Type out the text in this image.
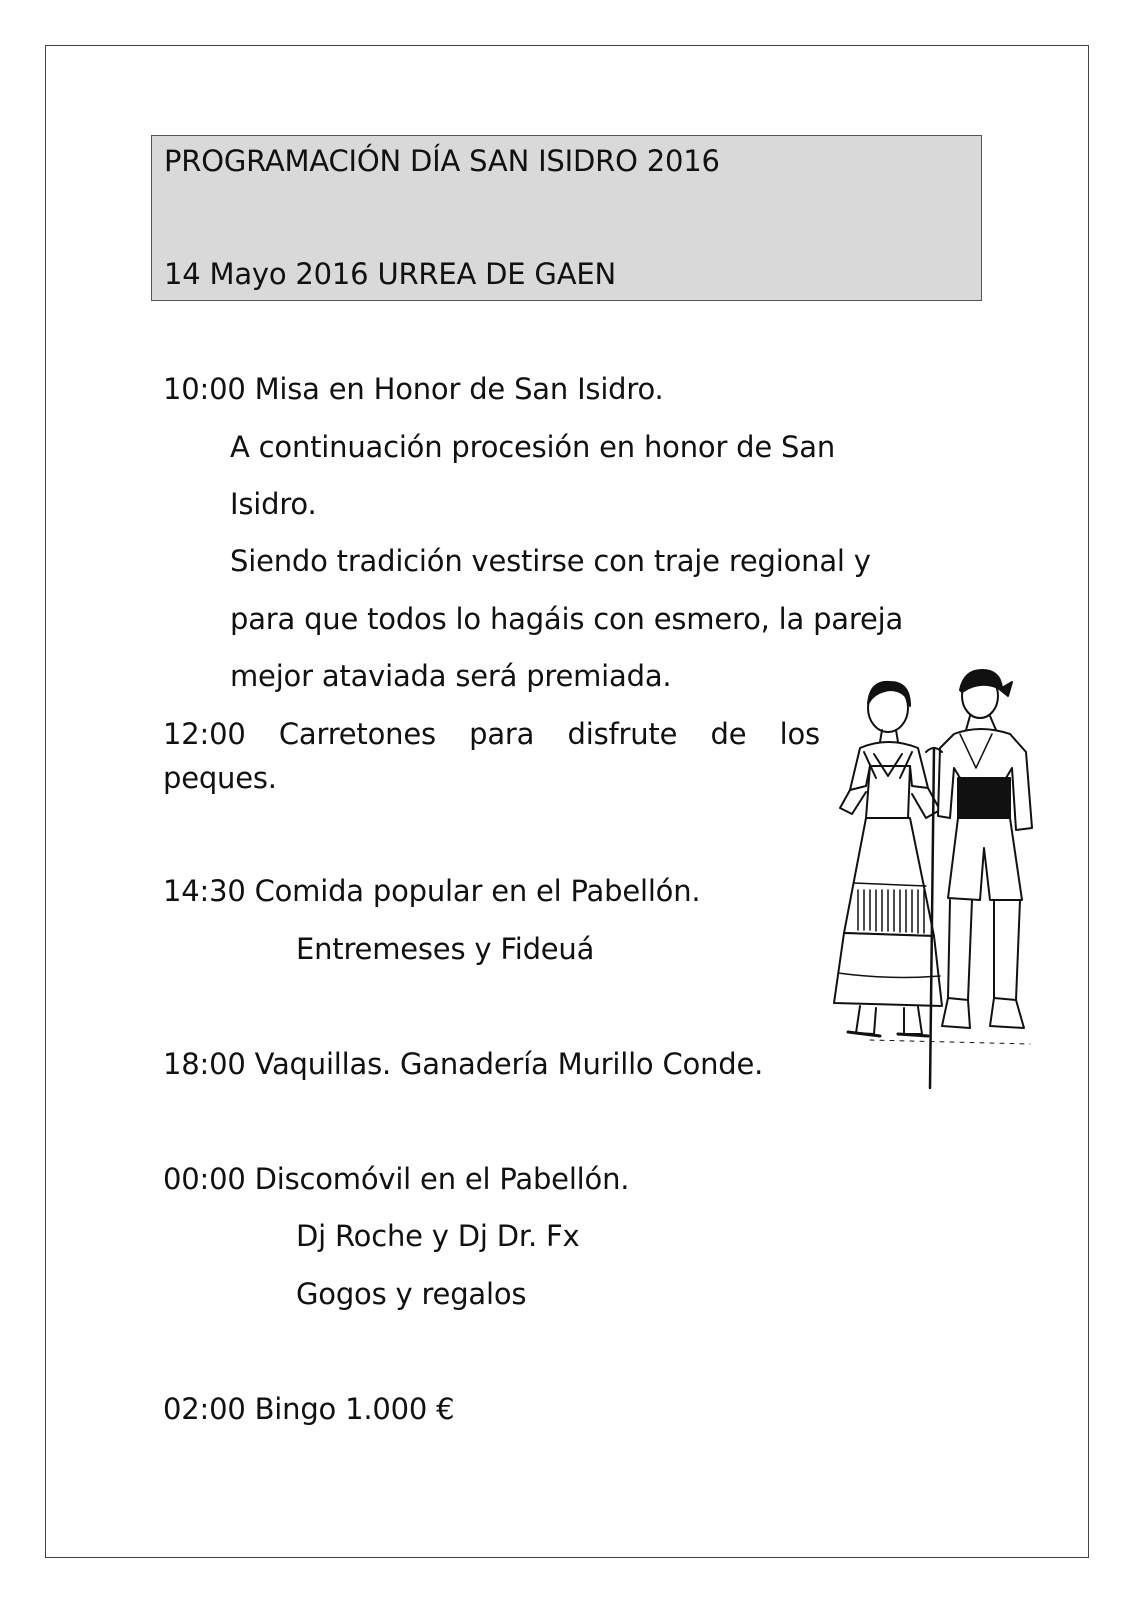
PROGRAMACIÓN DÍA SAN ISIDRO 2016
14 Mayo 2016 URREA DE GAEN
10:00 Misa en Honor de San Isidro.
A continuación procesión en honor de San
Isidro.
Siendo tradición vestirse con traje regional y
para que todos lo hagáis con esmero, la pareja
mejor ataviada será premiada.
12:00 Carretones para disfrute de los
peques.
14:30 Comida popular en el Pabellón.
Entremeses y Fideuá
18:00 Vaquillas. Ganadería Murillo Conde.
00:00 Discomóvil en el Pabellón.
Dj Roche y Dj Dr. Fx
Gogos y regalos
02:00 Bingo 1.000 €
